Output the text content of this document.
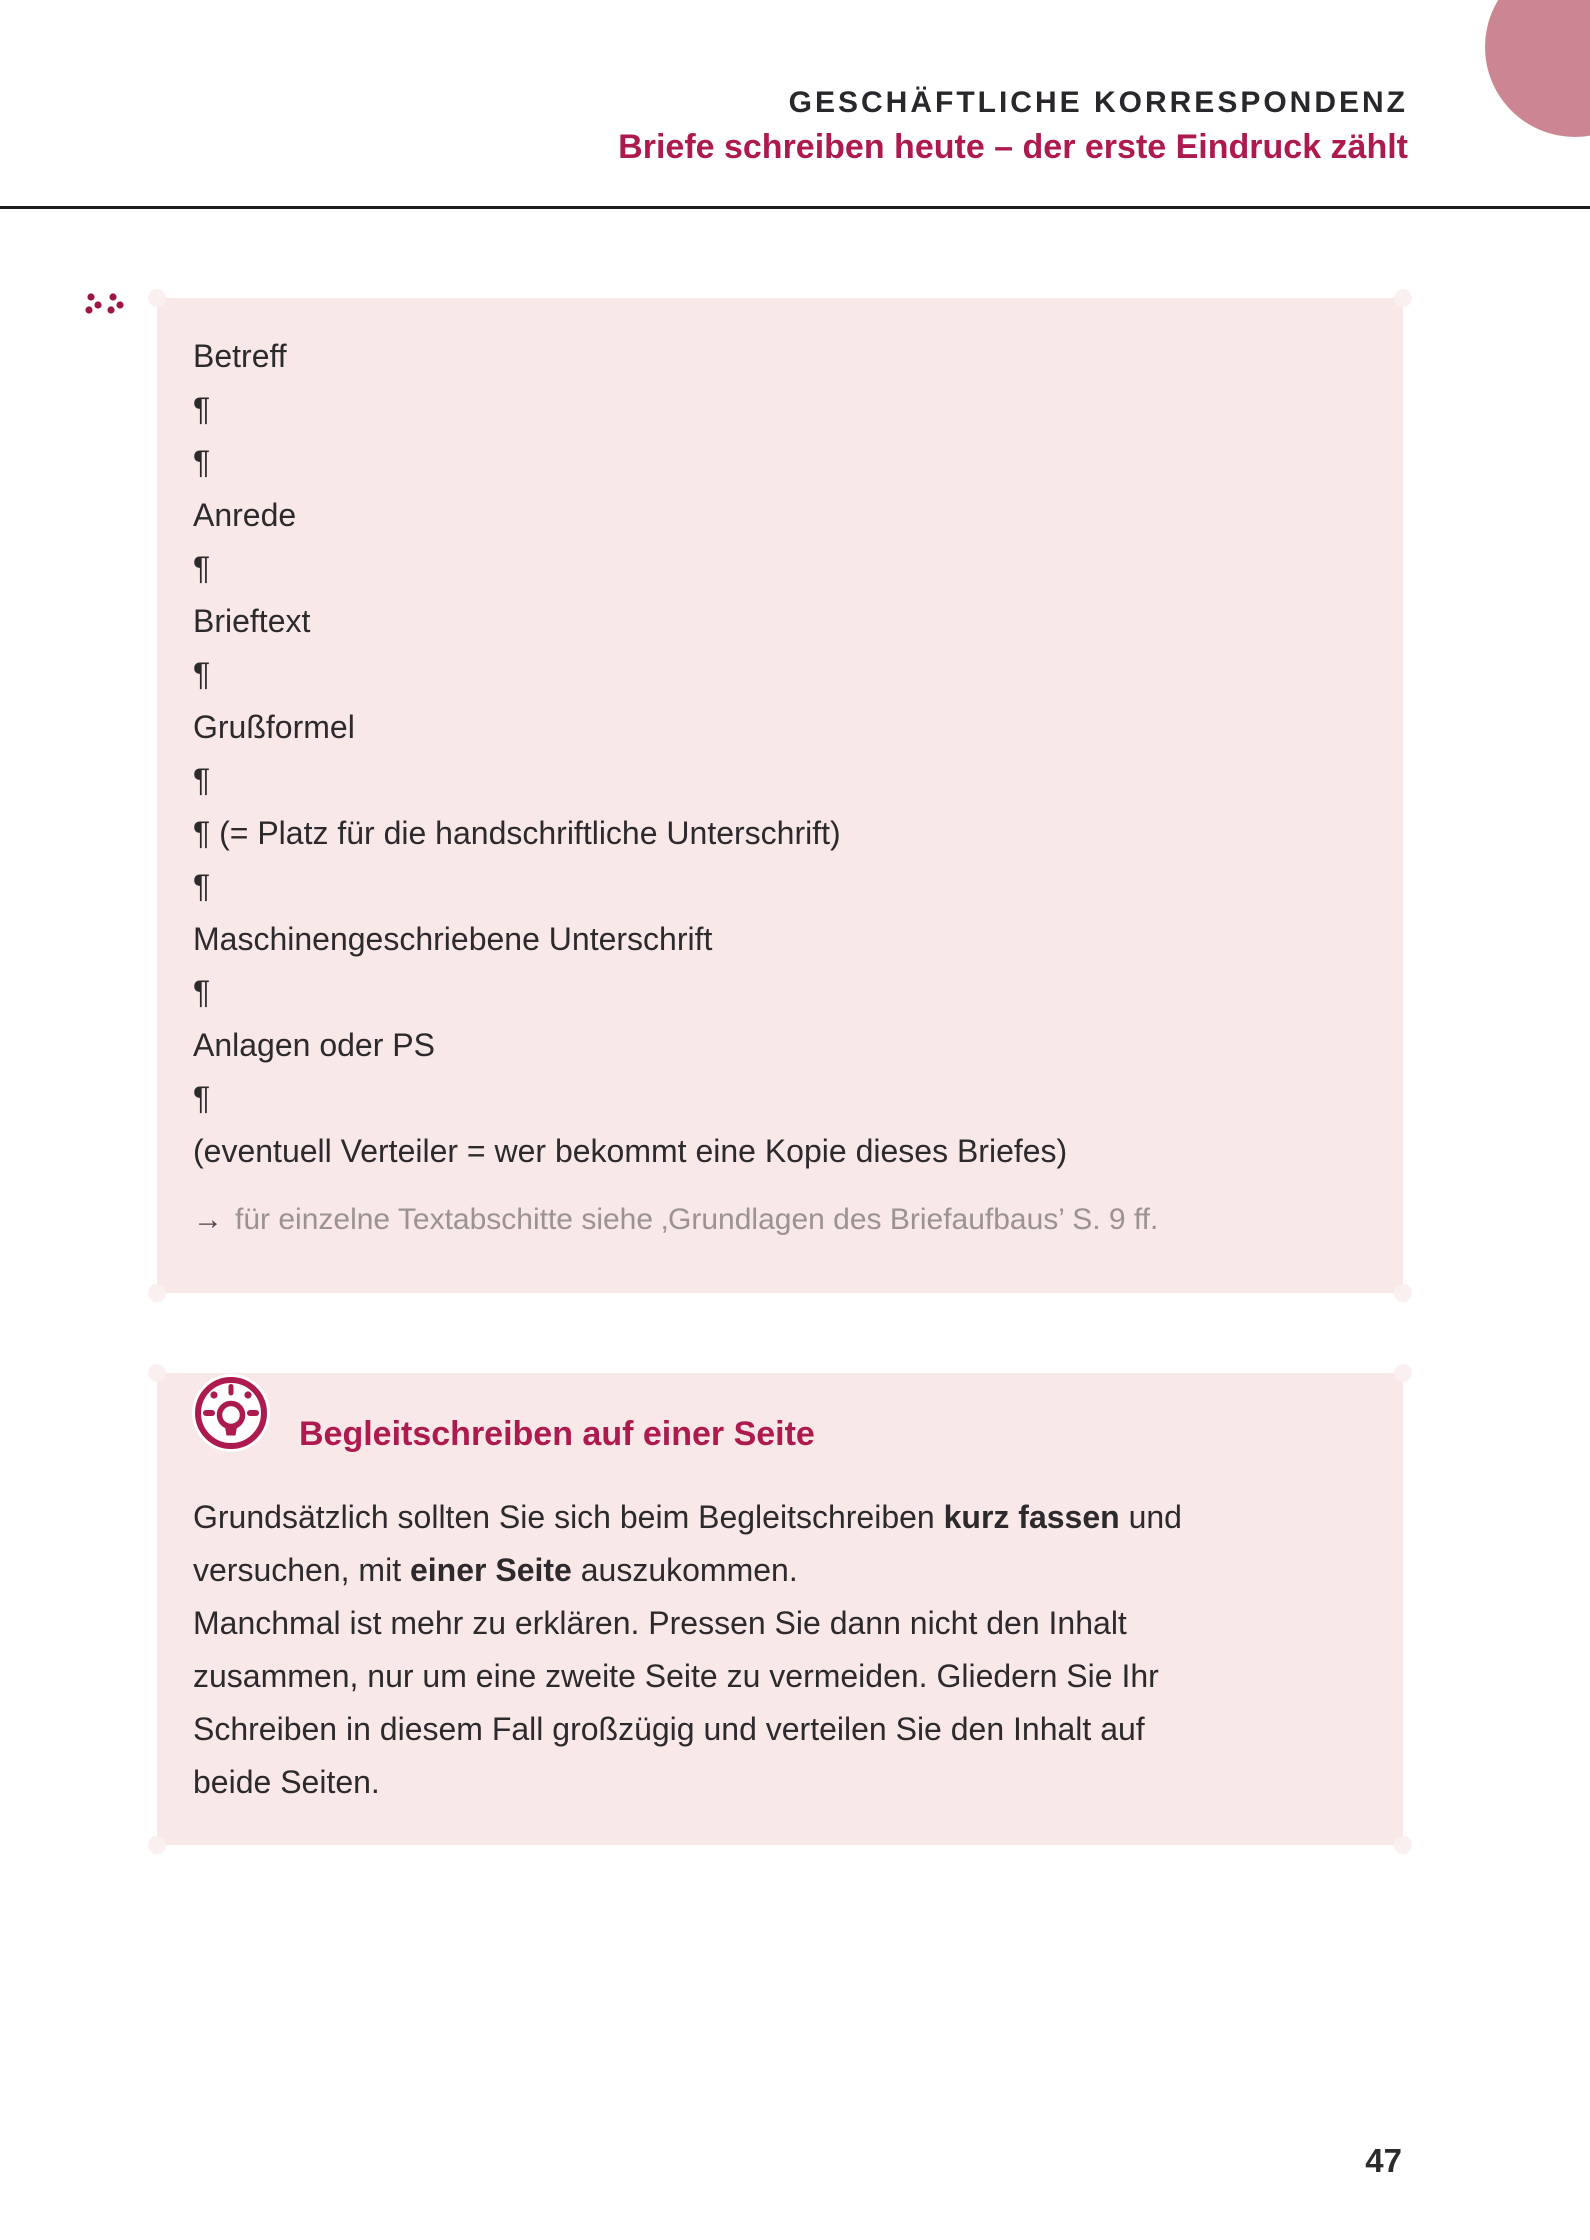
GESCHÄFTLICHE KORRESPONDENZ
Briefe schreiben heute – der erste Eindruck zählt
Betreff
¶
¶
Anrede
¶
Brieftext
¶
Grußformel
¶
¶ (= Platz für die handschriftliche Unterschrift)
¶
Maschinengeschriebene Unterschrift
¶
Anlagen oder PS
¶
(eventuell Verteiler = wer bekommt eine Kopie dieses Briefes)
→ für einzelne Textabschitte siehe ‚Grundlagen des Briefaufbaus’ S. 9 ff.
Begleitschreiben auf einer Seite
Grundsätzlich sollten Sie sich beim Begleitschreiben kurz fassen und
versuchen, mit einer Seite auszukommen.
Manchmal ist mehr zu erklären. Pressen Sie dann nicht den Inhalt
zusammen, nur um eine zweite Seite zu vermeiden. Gliedern Sie Ihr
Schreiben in diesem Fall großzügig und verteilen Sie den Inhalt auf
beide Seiten.
47
